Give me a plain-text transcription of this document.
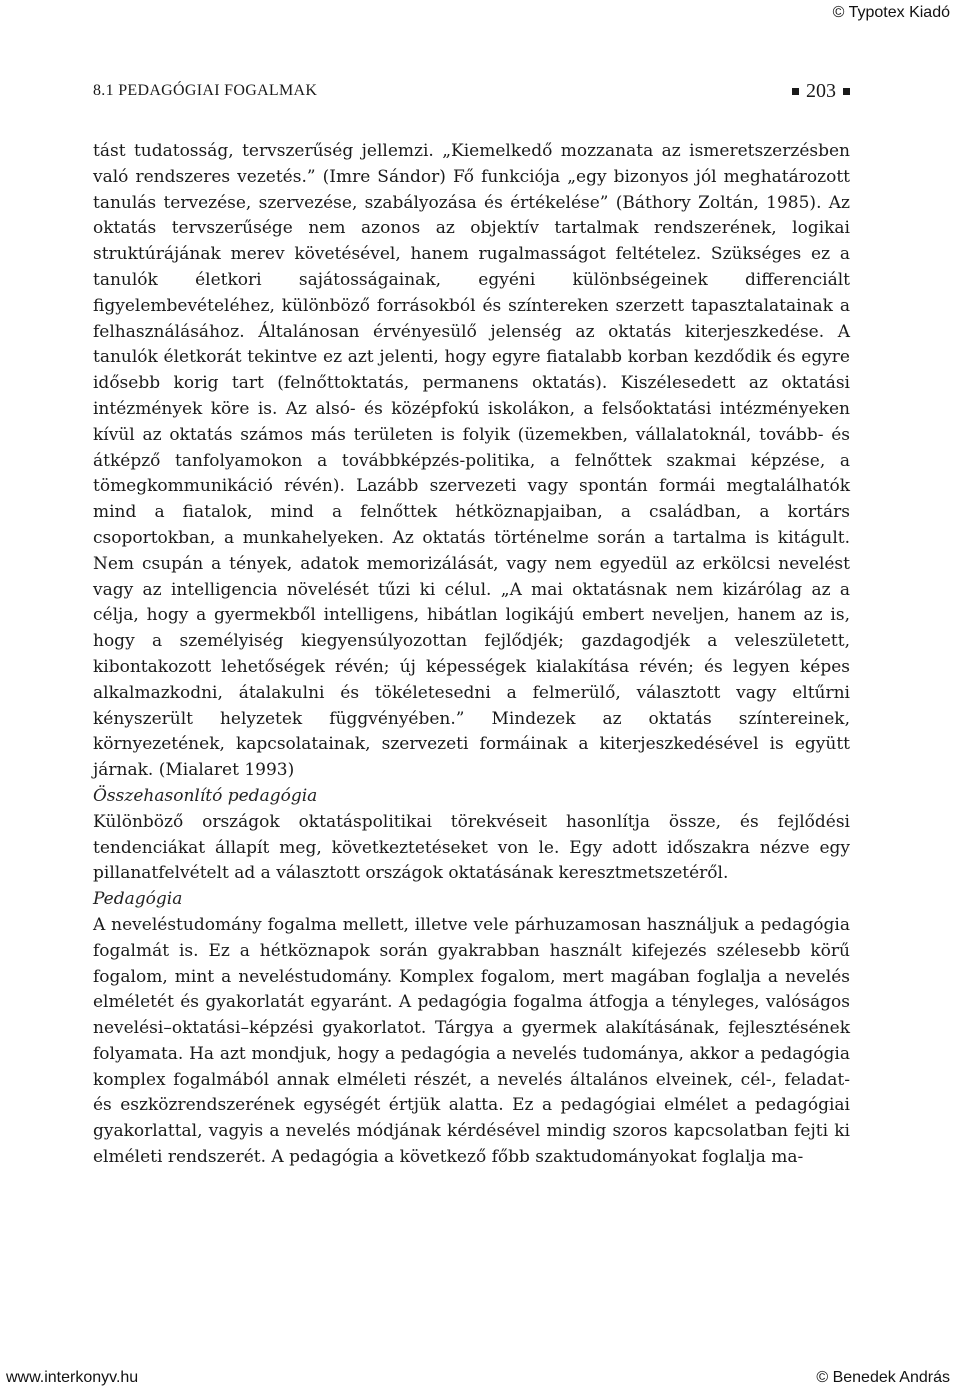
© Typotex Kiadó
8.1 PEDAGÓGIAI FOGALMAK	203

tást tudatosság, tervszerűség jellemzi. „Kiemelkedő mozzanata az ismeretszerzésben való rendszeres vezetés.” (Imre Sándor) Fő funkciója „egy bizonyos jól meghatározott tanulás tervezése, szervezése, szabályozása és értékelése” (Báthory Zoltán, 1985). Az oktatás tervszerűsége nem azonos az objektív tartalmak rendszerének, logikai struktúrájának merev követésével, hanem rugalmasságot feltételez. Szükséges ez a tanulók életkori sajátosságainak, egyéni különbségeinek differenciált figyelembevételéhez, különböző forrásokból és színtereken szerzett tapasztalatainak a felhasználásához. Általánosan érvényesülő jelenség az oktatás kiterjeszkedése. A tanulók életkorát tekintve ez azt jelenti, hogy egyre fiatalabb korban kezdődik és egyre idősebb korig tart (felnőttoktatás, permanens oktatás). Kiszélesedett az oktatási intézmények köre is. Az alsó- és középfokú iskolákon, a felsőoktatási intézményeken kívül az oktatás számos más területen is folyik (üzemekben, vállalatoknál, tovább- és átképző tanfolyamokon a továbbképzés-politika, a felnőttek szakmai képzése, a tömegkommunikáció révén). Lazább szervezeti vagy spontán formái megtalálhatók mind a fiatalok, mind a felnőttek hétköznapjaiban, a családban, a kortárs csoportokban, a munkahelyeken. Az oktatás történelme során a tartalma is kitágult. Nem csupán a tények, adatok memorizálását, vagy nem egyedül az erkölcsi nevelést vagy az intelligencia növelését tűzi ki célul. „A mai oktatásnak nem kizárólag az a célja, hogy a gyermekből intelligens, hibátlan logikájú embert neveljen, hanem az is, hogy a személyiség kiegyensúlyozottan fejlődjék; gazdagodjék a veleszületett, kibontakozott lehetőségek révén; új képességek kialakítása révén; és legyen képes alkalmazkodni, átalakulni és tökéletesedni a felmerülő, választott vagy eltűrni kényszerült helyzetek függvényében.” Mindezek az oktatás színtereinek, környezetének, kapcsolatainak, szervezeti formáinak a kiterjeszkedésével is együtt járnak. (Mialaret 1993)

Összehasonlító pedagógia

Különböző országok oktatáspolitikai törekvéseit hasonlítja össze, és fejlődési tendenciákat állapít meg, következtetéseket von le. Egy adott időszakra nézve egy pillanatfelvételt ad a választott országok oktatásának keresztmetszetéről.

Pedagógia

A neveléstudomány fogalma mellett, illetve vele párhuzamosan használjuk a pedagógia fogalmát is. Ez a hétköznapok során gyakrabban használt kifejezés szélesebb körű fogalom, mint a neveléstudomány. Komplex fogalom, mert magában foglalja a nevelés elméletét és gyakorlatát egyaránt. A pedagógia fogalma átfogja a tényleges, valóságos nevelési–oktatási–képzési gyakorlatot. Tárgya a gyermek alakításának, fejlesztésének folyamata. Ha azt mondjuk, hogy a pedagógia a nevelés tudománya, akkor a pedagógia komplex fogalmából annak elméleti részét, a nevelés általános elveinek, cél-, feladat- és eszközrendszerének egységét értjük alatta. Ez a pedagógiai elmélet a pedagógiai gyakorlattal, vagyis a nevelés módjának kérdésével mindig szoros kapcsolatban fejti ki elméleti rendszerét. A pedagógia a következő főbb szaktudományokat foglalja ma-

www.interkonyv.hu	© Benedek András
